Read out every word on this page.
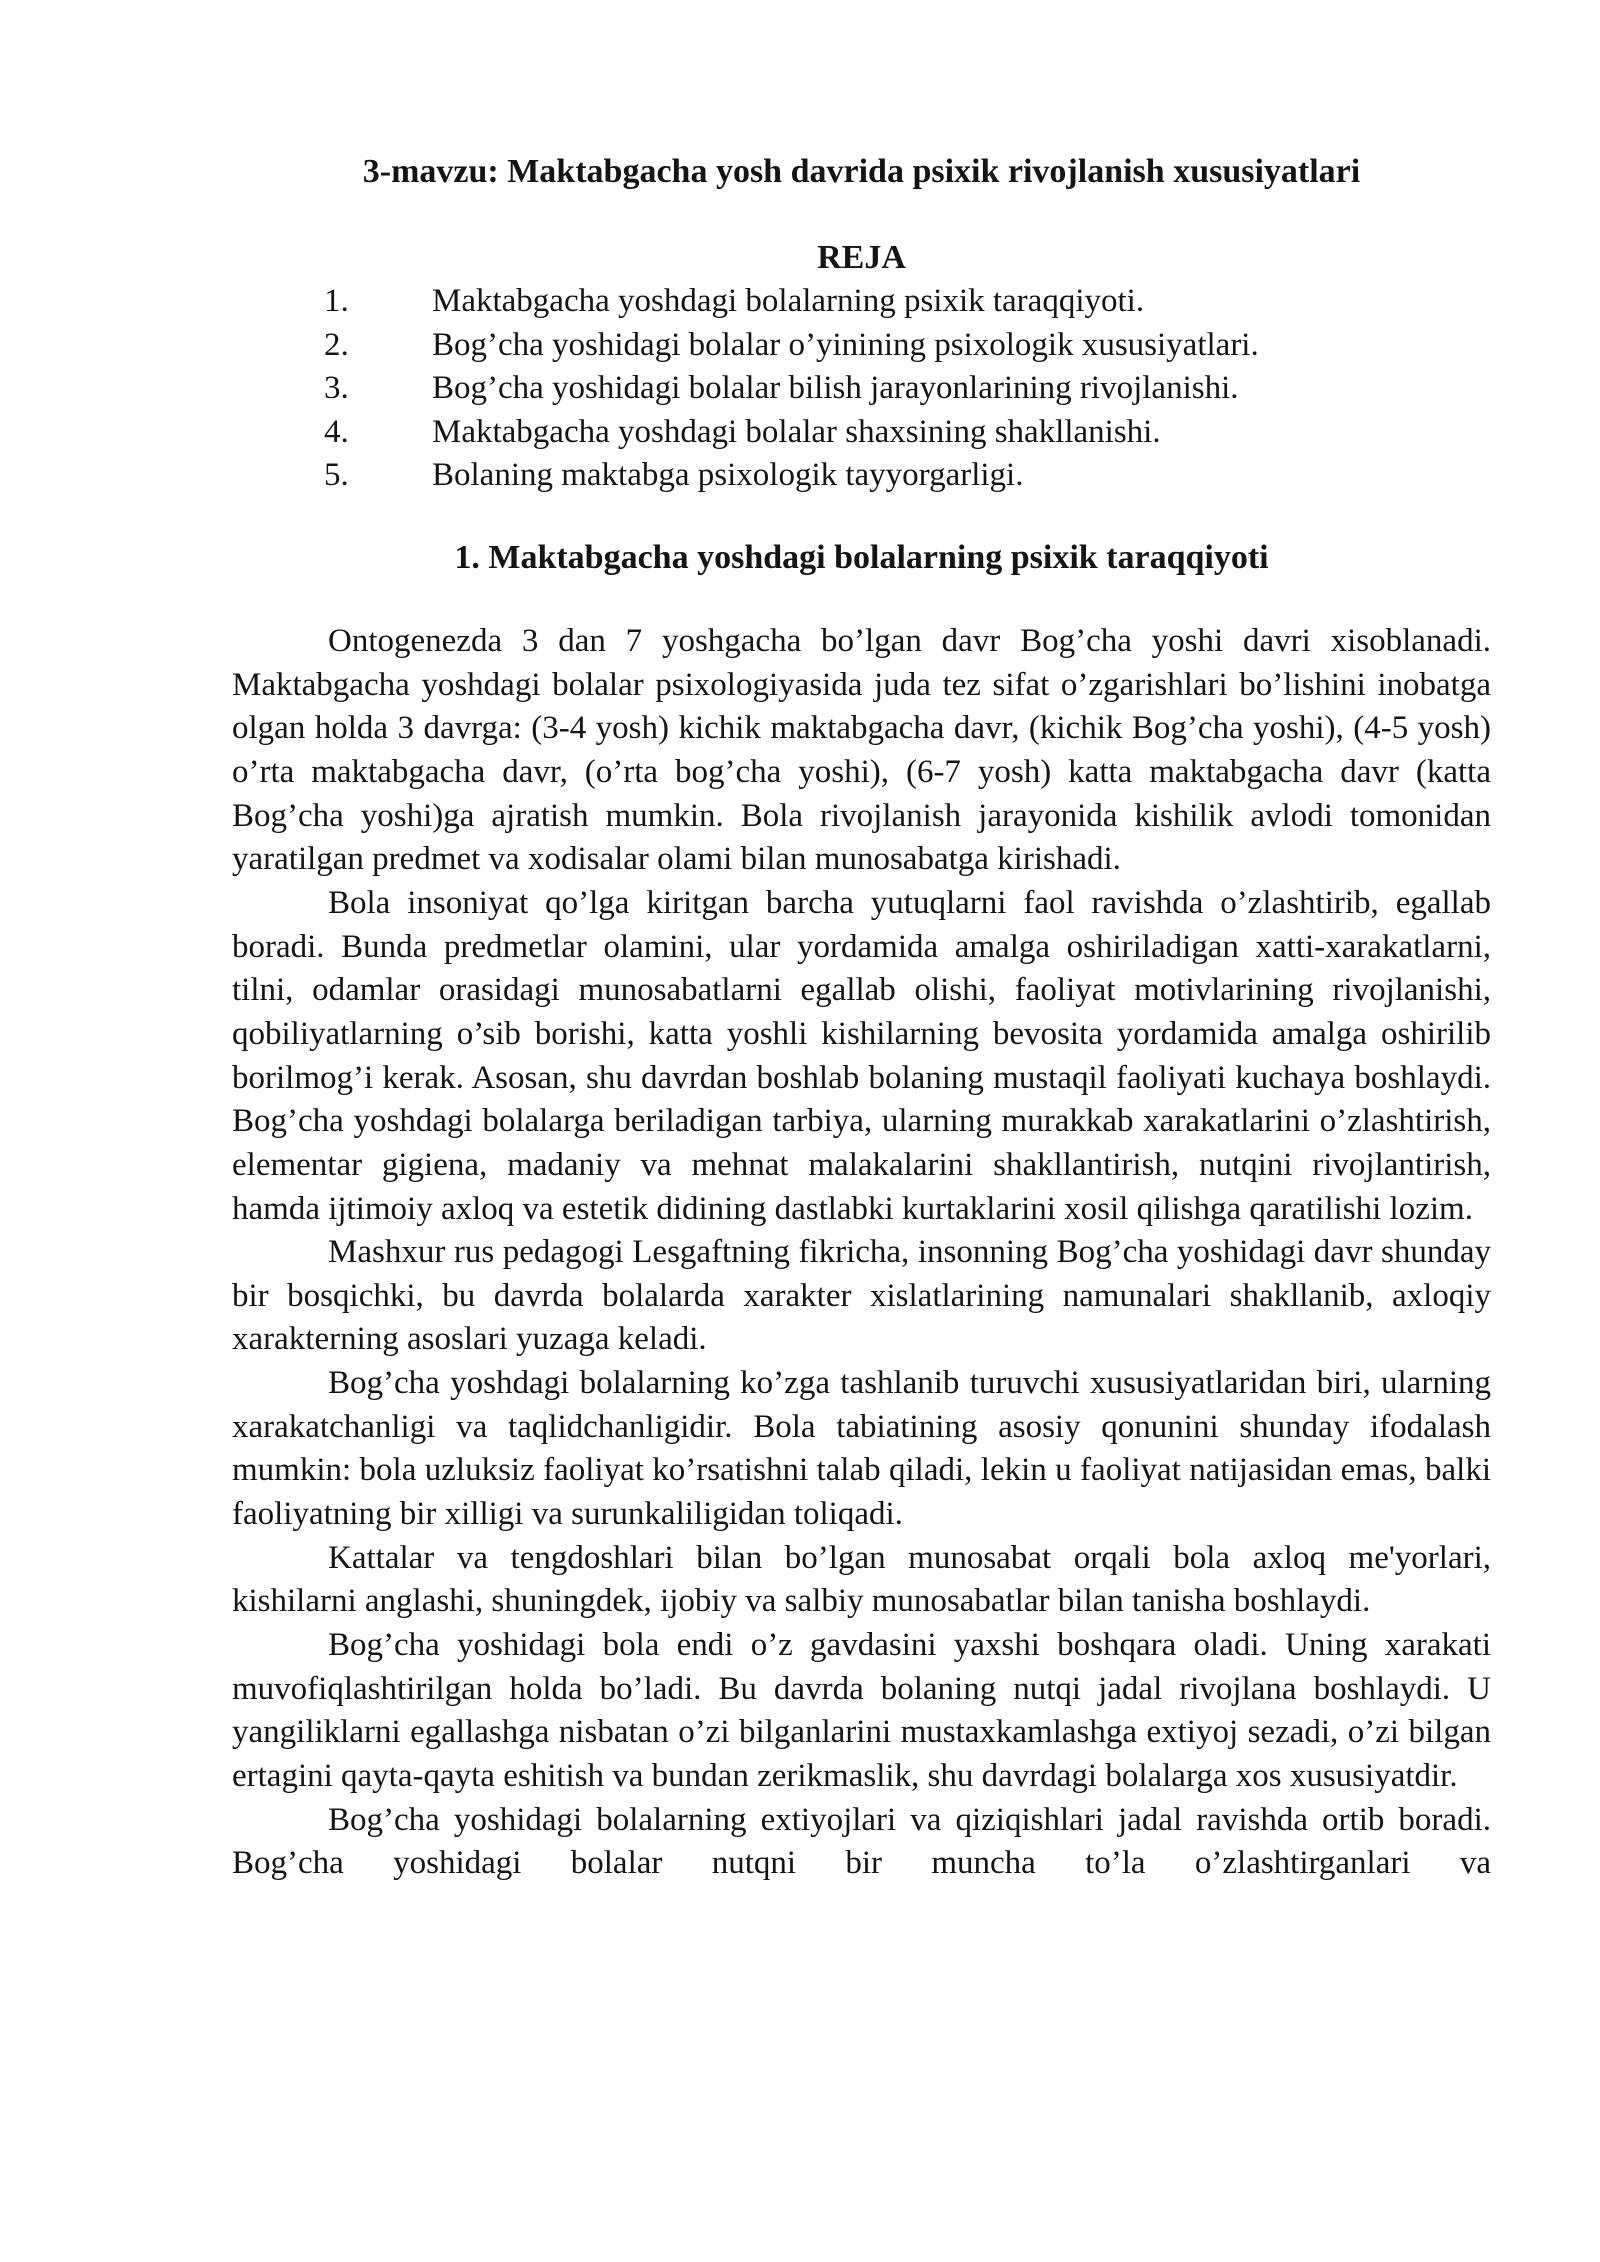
3-mavzu: Maktabgacha yosh davrida psixik rivojlanish xususiyatlari
REJA
1.	Maktabgacha yoshdagi bolalarning psixik taraqqiyoti.
2.	Bog’cha yoshidagi bolalar o’yinining psixologik xususiyatlari.
3.	Bog’cha yoshidagi bolalar bilish jarayonlarining rivojlanishi.
4.	Maktabgacha yoshdagi bolalar shaxsining shakllanishi.
5.	Bolaning maktabga psixologik tayyorgarligi.
1. Maktabgacha yoshdagi bolalarning psixik taraqqiyoti

Ontogenezda 3 dan 7 yoshgacha bo’lgan davr Bog’cha yoshi davri xisoblanadi. Maktabgacha yoshdagi bolalar psixologiyasida juda tez sifat o’zgarishlari bo’lishini inobatga olgan holda 3 davrga: (3-4 yosh) kichik maktabgacha davr, (kichik Bog’cha yoshi), (4-5 yosh) o’rta maktabgacha davr, (o’rta bog’cha yoshi), (6-7 yosh) katta maktabgacha davr (katta Bog’cha yoshi)ga ajratish mumkin. Bola rivojlanish jarayonida kishilik avlodi tomonidan yaratilgan predmet va xodisalar olami bilan munosabatga kirishadi.

Bola insoniyat qo’lga kiritgan barcha yutuqlarni faol ravishda o’zlashtirib, egallab boradi. Bunda predmetlar olamini, ular yordamida amalga oshiriladigan xatti-xarakatlarni, tilni, odamlar orasidagi munosabatlarni egallab olishi, faoliyat motivlarining rivojlanishi, qobiliyatlarning o’sib borishi, katta yoshli kishilarning bevosita yordamida amalga oshirilib borilmog’i kerak. Asosan, shu davrdan boshlab bolaning mustaqil faoliyati kuchaya boshlaydi. Bog’cha yoshdagi bolalarga beriladigan tarbiya, ularning murakkab xarakatlarini o’zlashtirish, elementar gigiena, madaniy va mehnat malakalarini shakllantirish, nutqini rivojlantirish, hamda ijtimoiy axloq va estetik didining dastlabki kurtaklarini xosil qilishga qaratilishi lozim.

Mashxur rus pedagogi Lesgaftning fikricha, insonning Bog’cha yoshidagi davr shunday bir bosqichki, bu davrda bolalarda xarakter xislatlarining namunalari shakllanib, axloqiy xarakterning asoslari yuzaga keladi.

Bog’cha yoshdagi bolalarning ko’zga tashlanib turuvchi xususiyatlaridan biri, ularning xarakatchanligi va taqlidchanligidir. Bola tabiatining asosiy qonunini shunday ifodalash mumkin: bola uzluksiz faoliyat ko’rsatishni talab qiladi, lekin u faoliyat natijasidan emas, balki faoliyatning bir xilligi va surunkaliligidan toliqadi.

Kattalar va tengdoshlari bilan bo’lgan munosabat orqali bola axloq me'yorlari, kishilarni anglashi, shuningdek, ijobiy va salbiy munosabatlar bilan tanisha boshlaydi.

Bog’cha yoshidagi bola endi o’z gavdasini yaxshi boshqara oladi. Uning xarakati muvofiqlashtirilgan holda bo’ladi. Bu davrda bolaning nutqi jadal rivojlana boshlaydi. U yangiliklarni egallashga nisbatan o’zi bilganlarini mustaxkamlashga extiyoj sezadi, o’zi bilgan ertagini qayta-qayta eshitish va bundan zerikmaslik, shu davrdagi bolalarga xos xususiyatdir.

Bog’cha yoshidagi bolalarning extiyojlari va qiziqishlari jadal ravishda ortib boradi. Bog’cha yoshidagi bolalar nutqni bir muncha to’la o’zlashtirganlari va
